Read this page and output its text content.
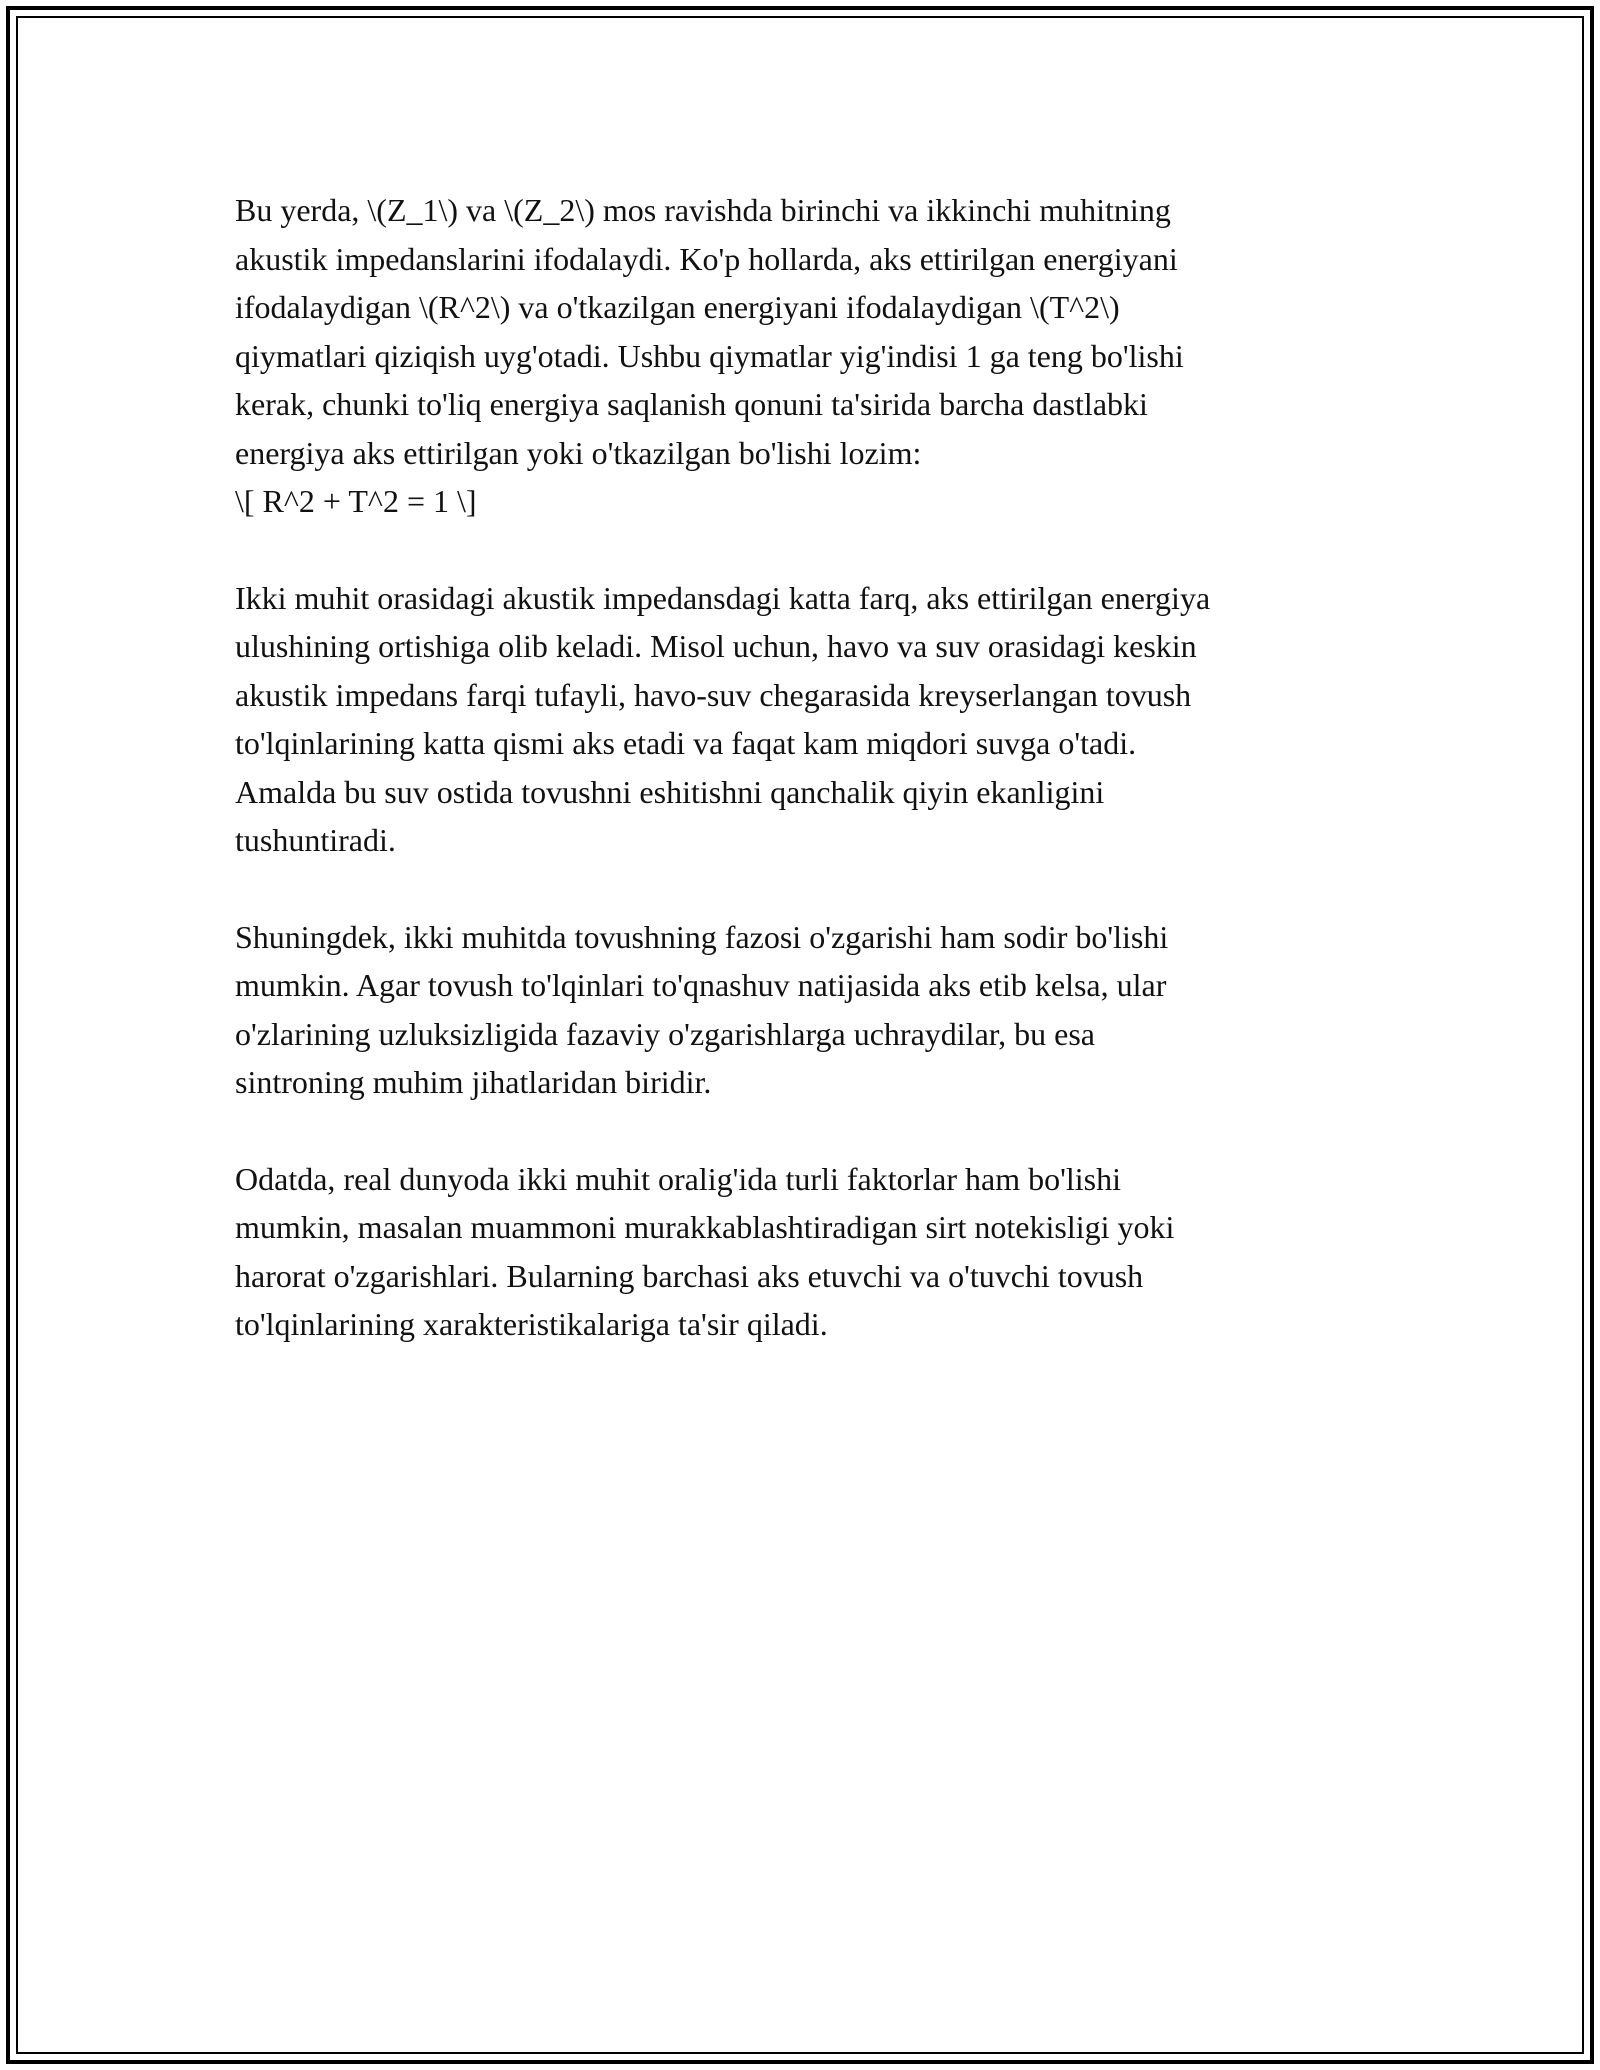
Bu yerda, \(Z_1\) va \(Z_2\) mos ravishda birinchi va ikkinchi muhitning
akustik impedanslarini ifodalaydi. Ko'p hollarda, aks ettirilgan energiyani
ifodalaydigan \(R^2\) va o'tkazilgan energiyani ifodalaydigan \(T^2\)
qiymatlari qiziqish uyg'otadi. Ushbu qiymatlar yig'indisi 1 ga teng bo'lishi
kerak, chunki to'liq energiya saqlanish qonuni ta'sirida barcha dastlabki
energiya aks ettirilgan yoki o'tkazilgan bo'lishi lozim:
\[ R^2 + T^2 = 1 \]

Ikki muhit orasidagi akustik impedansdagi katta farq, aks ettirilgan energiya
ulushining ortishiga olib keladi. Misol uchun, havo va suv orasidagi keskin
akustik impedans farqi tufayli, havo-suv chegarasida kreyserlangan tovush
to'lqinlarining katta qismi aks etadi va faqat kam miqdori suvga o'tadi.
Amalda bu suv ostida tovushni eshitishni qanchalik qiyin ekanligini
tushuntiradi.

Shuningdek, ikki muhitda tovushning fazosi o'zgarishi ham sodir bo'lishi
mumkin. Agar tovush to'lqinlari to'qnashuv natijasida aks etib kelsa, ular
o'zlarining uzluksizligida fazaviy o'zgarishlarga uchraydilar, bu esa
sintroning muhim jihatlaridan biridir.

Odatda, real dunyoda ikki muhit oralig'ida turli faktorlar ham bo'lishi
mumkin, masalan muammoni murakkablashtiradigan sirt notekisligi yoki
harorat o'zgarishlari. Bularning barchasi aks etuvchi va o'tuvchi tovush
to'lqinlarining xarakteristikalariga ta'sir qiladi.
